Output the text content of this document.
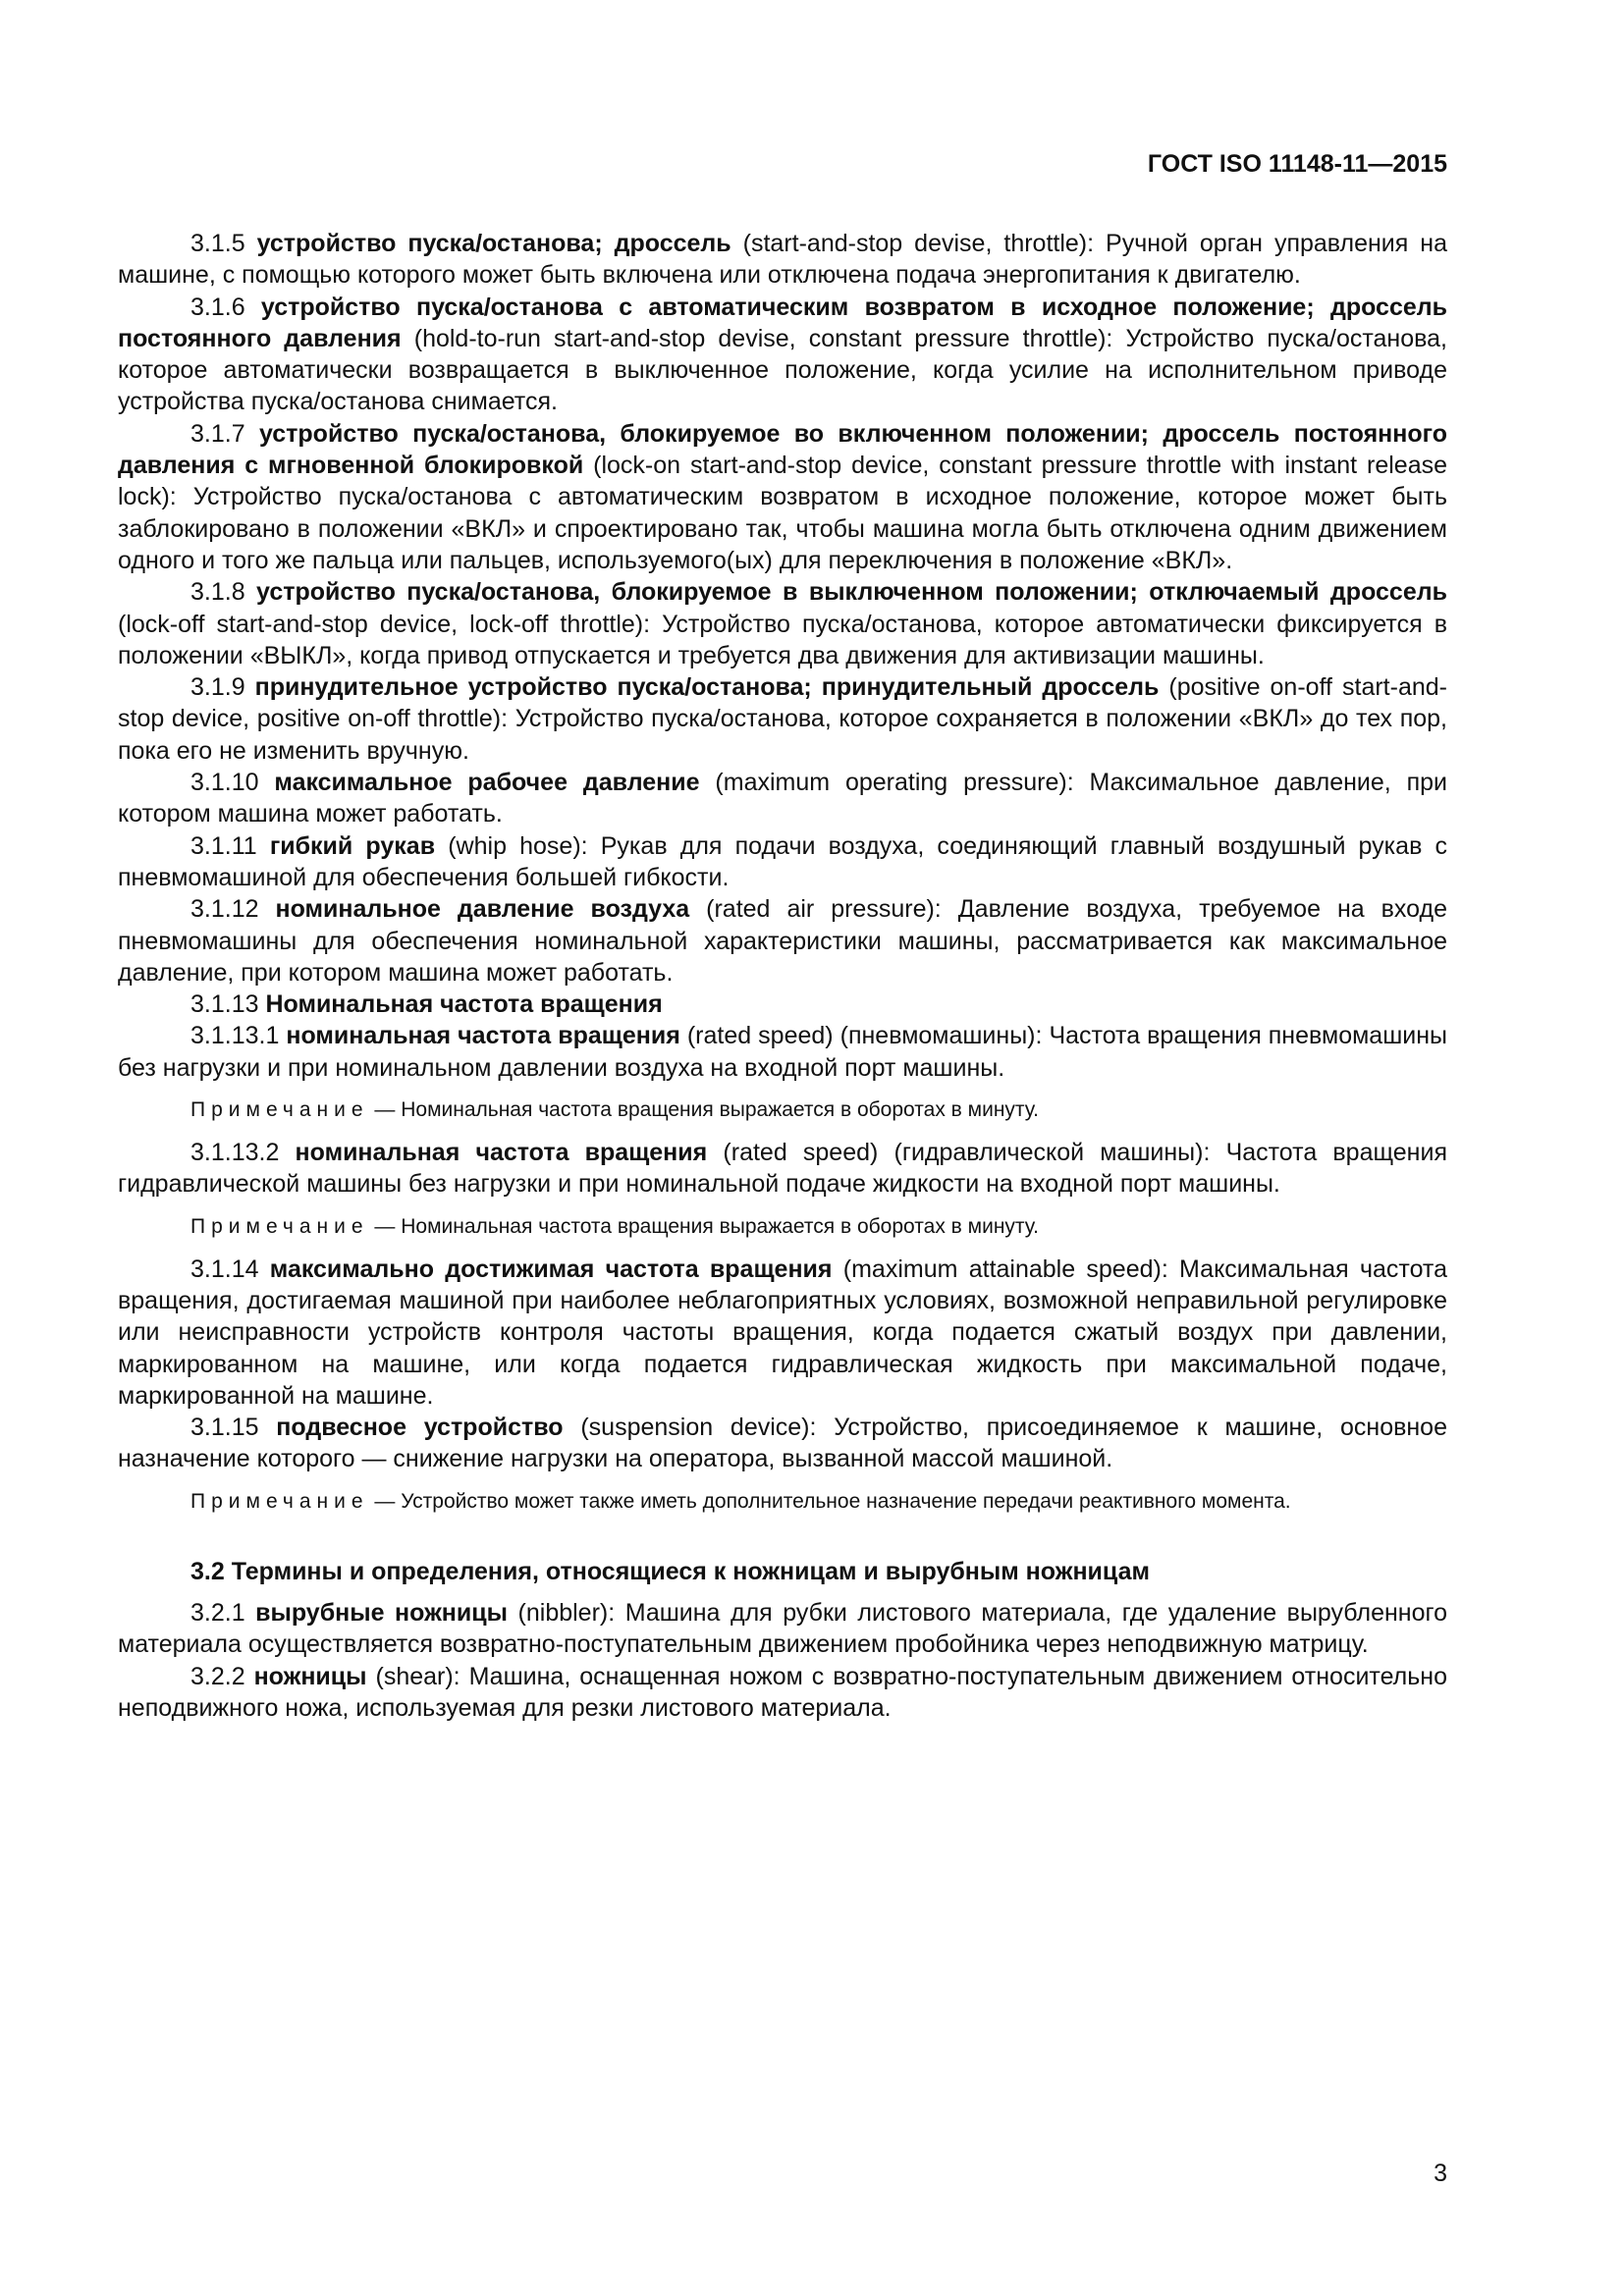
ГОСТ ISO 11148-11—2015

3.1.5 устройство пуска/останова; дроссель (start-and-stop devise, throttle): Ручной орган управления на машине, с помощью которого может быть включена или отключена подача энергопитания к двигателю.

3.1.6 устройство пуска/останова с автоматическим возвратом в исходное положение; дроссель постоянного давления (hold-to-run start-and-stop devise, constant pressure throttle): Устройство пуска/останова, которое автоматически возвращается в выключенное положение, когда усилие на исполнительном приводе устройства пуска/останова снимается.

3.1.7 устройство пуска/останова, блокируемое во включенном положении; дроссель постоянного давления с мгновенной блокировкой (lock-on start-and-stop device, constant pressure throttle with instant release lock): Устройство пуска/останова с автоматическим возвратом в исходное положение, которое может быть заблокировано в положении «ВКЛ» и спроектировано так, чтобы машина могла быть отключена одним движением одного и того же пальца или пальцев, используемого(ых) для переключения в положение «ВКЛ».

3.1.8 устройство пуска/останова, блокируемое в выключенном положении; отключаемый дроссель (lock-off start-and-stop device, lock-off throttle): Устройство пуска/останова, которое автоматически фиксируется в положении «ВЫКЛ», когда привод отпускается и требуется два движения для активизации машины.

3.1.9 принудительное устройство пуска/останова; принудительный дроссель (positive on-off start-and-stop device, positive on-off throttle): Устройство пуска/останова, которое сохраняется в положении «ВКЛ» до тех пор, пока его не изменить вручную.

3.1.10 максимальное рабочее давление (maximum operating pressure): Максимальное давление, при котором машина может работать.

3.1.11 гибкий рукав (whip hose): Рукав для подачи воздуха, соединяющий главный воздушный рукав с пневмомашиной для обеспечения большей гибкости.

3.1.12 номинальное давление воздуха (rated air pressure): Давление воздуха, требуемое на входе пневмомашины для обеспечения номинальной характеристики машины, рассматривается как максимальное давление, при котором машина может работать.

3.1.13 Номинальная частота вращения

3.1.13.1 номинальная частота вращения (rated speed) (пневмомашины): Частота вращения пневмомашины без нагрузки и при номинальном давлении воздуха на входной порт машины.

Примечание — Номинальная частота вращения выражается в оборотах в минуту.

3.1.13.2 номинальная частота вращения (rated speed) (гидравлической машины): Частота вращения гидравлической машины без нагрузки и при номинальной подаче жидкости на входной порт машины.

Примечание — Номинальная частота вращения выражается в оборотах в минуту.

3.1.14 максимально достижимая частота вращения (maximum attainable speed): Максимальная частота вращения, достигаемая машиной при наиболее неблагоприятных условиях, возможной неправильной регулировке или неисправности устройств контроля частоты вращения, когда подается сжатый воздух при давлении, маркированном на машине, или когда подается гидравлическая жидкость при максимальной подаче, маркированной на машине.

3.1.15 подвесное устройство (suspension device): Устройство, присоединяемое к машине, основное назначение которого — снижение нагрузки на оператора, вызванной массой машиной.

Примечание — Устройство может также иметь дополнительное назначение передачи реактивного момента.
3.2 Термины и определения, относящиеся к ножницам и вырубным ножницам

3.2.1 вырубные ножницы (nibbler): Машина для рубки листового материала, где удаление вырубленного материала осуществляется возвратно-поступательным движением пробойника через неподвижную матрицу.

3.2.2 ножницы (shear): Машина, оснащенная ножом с возвратно-поступательным движением относительно неподвижного ножа, используемая для резки листового материала.

3
